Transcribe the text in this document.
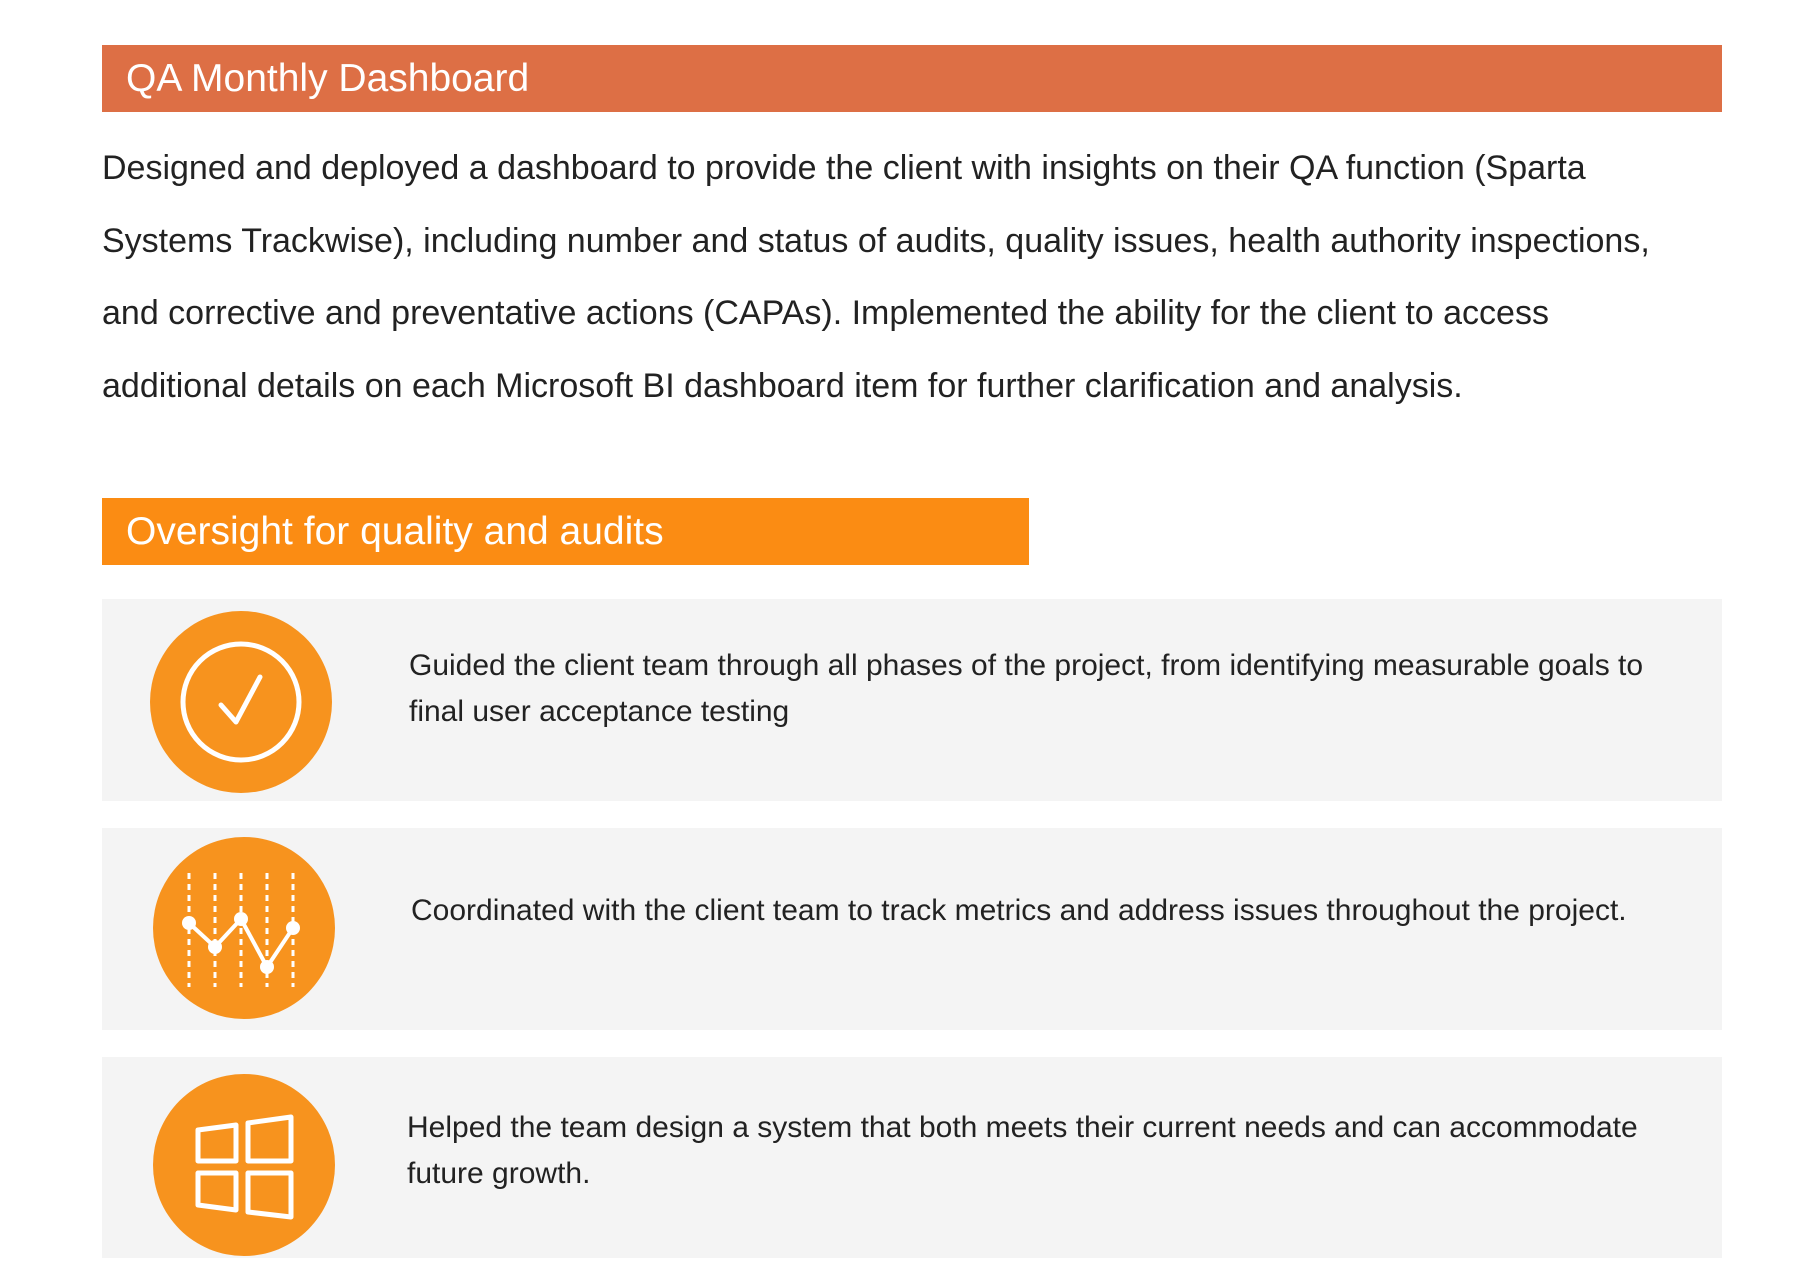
QA Monthly Dashboard

Designed and deployed a dashboard to provide the client with insights on their QA function (Sparta Systems Trackwise), including number and status of audits, quality issues, health authority inspections, and corrective and preventative actions (CAPAs). Implemented the ability for the client to access additional details on each Microsoft BI dashboard item for further clarification and analysis.

Oversight for quality and audits

Guided the client team through all phases of the project, from identifying measurable goals to final user acceptance testing

Coordinated with the client team to track metrics and address issues throughout the project.

Helped the team design a system that both meets their current needs and can accommodate future growth.
